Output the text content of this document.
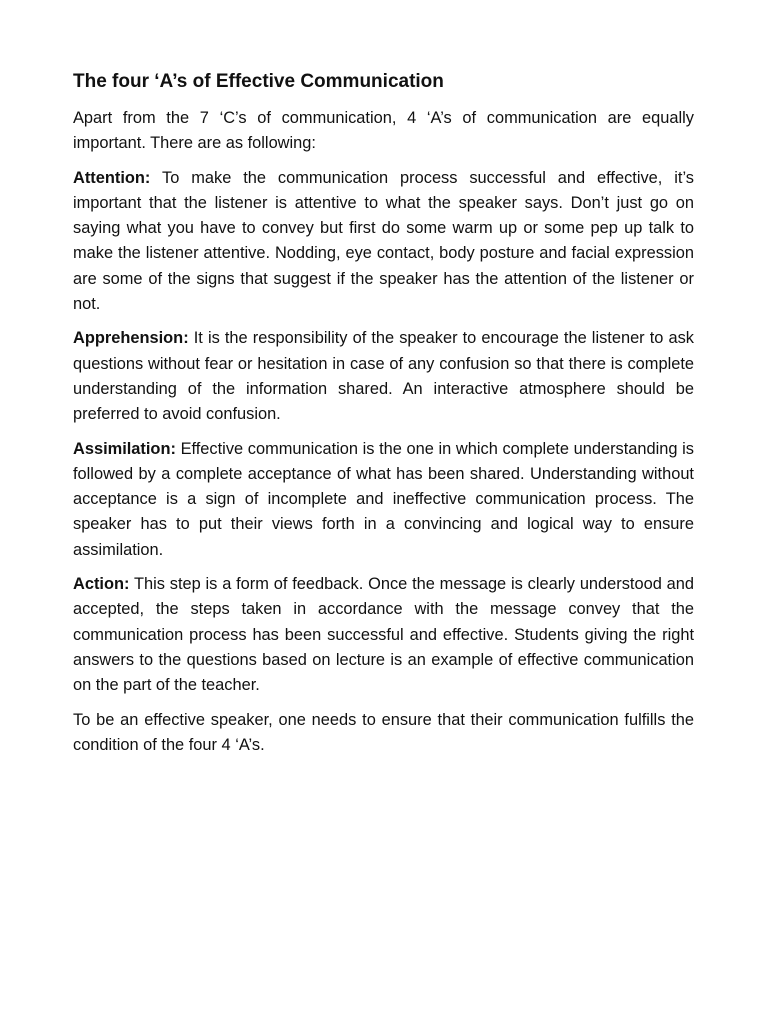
The four ‘A’s of Effective Communication

Apart from the 7 ‘C’s of communication, 4 ‘A’s of communication are equally important. There are as following:

Attention: To make the communication process successful and effective, it’s important that the listener is attentive to what the speaker says. Don’t just go on saying what you have to convey but first do some warm up or some pep up talk to make the listener attentive. Nodding, eye contact, body posture and facial expression are some of the signs that suggest if the speaker has the attention of the listener or not.

Apprehension: It is the responsibility of the speaker to encourage the listener to ask questions without fear or hesitation in case of any confusion so that there is complete understanding of the information shared. An interactive atmosphere should be preferred to avoid confusion.

Assimilation: Effective communication is the one in which complete understanding is followed by a complete acceptance of what has been shared. Understanding without acceptance is a sign of incomplete and ineffective communication process. The speaker has to put their views forth in a convincing and logical way to ensure assimilation.

Action: This step is a form of feedback. Once the message is clearly understood and accepted, the steps taken in accordance with the message convey that the communication process has been successful and effective. Students giving the right answers to the questions based on lecture is an example of effective communication on the part of the teacher.

To be an effective speaker, one needs to ensure that their communication fulfills the condition of the four 4 ‘A’s.
